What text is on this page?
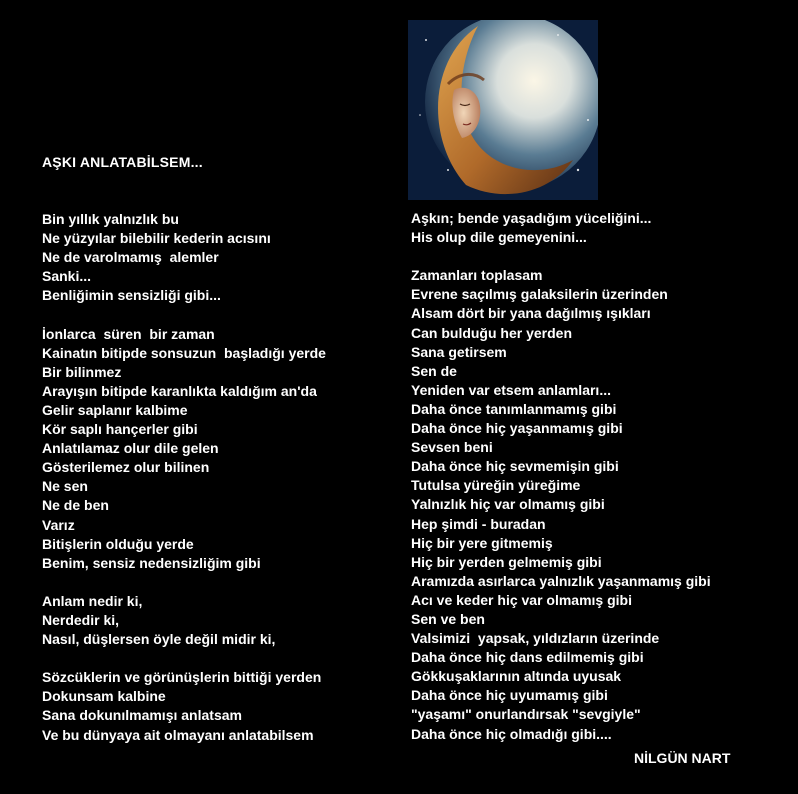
AŞKI ANLATABİLSEM...
Bin yıllık yalnızlık bu
Ne yüzyılar bilebilir kederin acısını
Ne de varolmamış  alemler
Sanki...
Benliğimin sensizliği gibi...
İonlarca  süren  bir zaman
Kainatın bitipde sonsuzun  başladığı yerde
Bir bilinmez
Arayışın bitipde karanlıkta kaldığım an'da
Gelir saplanır kalbime
Kör saplı hançerler gibi
Anlatılamaz olur dile gelen
Gösterilemez olur bilinen
Ne sen
Ne de ben
Varız
Bitişlerin olduğu yerde
Benim, sensiz nedensizliğim gibi
Anlam nedir ki,
Nerdedir ki,
Nasıl, düşlersen öyle değil midir ki,
Sözcüklerin ve görünüşlerin bittiği yerden
Dokunsam kalbine
Sana dokunılmamışı anlatsam
Ve bu dünyaya ait olmayanı anlatabilsem
Aşkın; bende yaşadığım yüceliğini...
His olup dile gemeyenini...
Zamanları toplasam
Evrene saçılmış galaksilerin üzerinden
Alsam dört bir yana dağılmış ışıkları
Can bulduğu her yerden
Sana getirsem
Sen de
Yeniden var etsem anlamları...
Daha önce tanımlanmamış gibi
Daha önce hiç yaşanmamış gibi
Sevsen beni
Daha önce hiç sevmemişin gibi
Tutulsa yüreğin yüreğime
Yalnızlık hiç var olmamış gibi
Hep şimdi - buradan
Hiç bir yere gitmemiş
Hiç bir yerden gelmemiş gibi
Aramızda asırlarca yalnızlık yaşanmamış gibi
Acı ve keder hiç var olmamış gibi
Sen ve ben
Valsimizi  yapsak, yıldızların üzerinde
Daha önce hiç dans edilmemiş gibi
Gökkuşaklarının altında uyusak
Daha önce hiç uyumamış gibi
"yaşamı" onurlandırsak "sevgiyle"
Daha önce hiç olmadığı gibi....
NİLGÜN NART
